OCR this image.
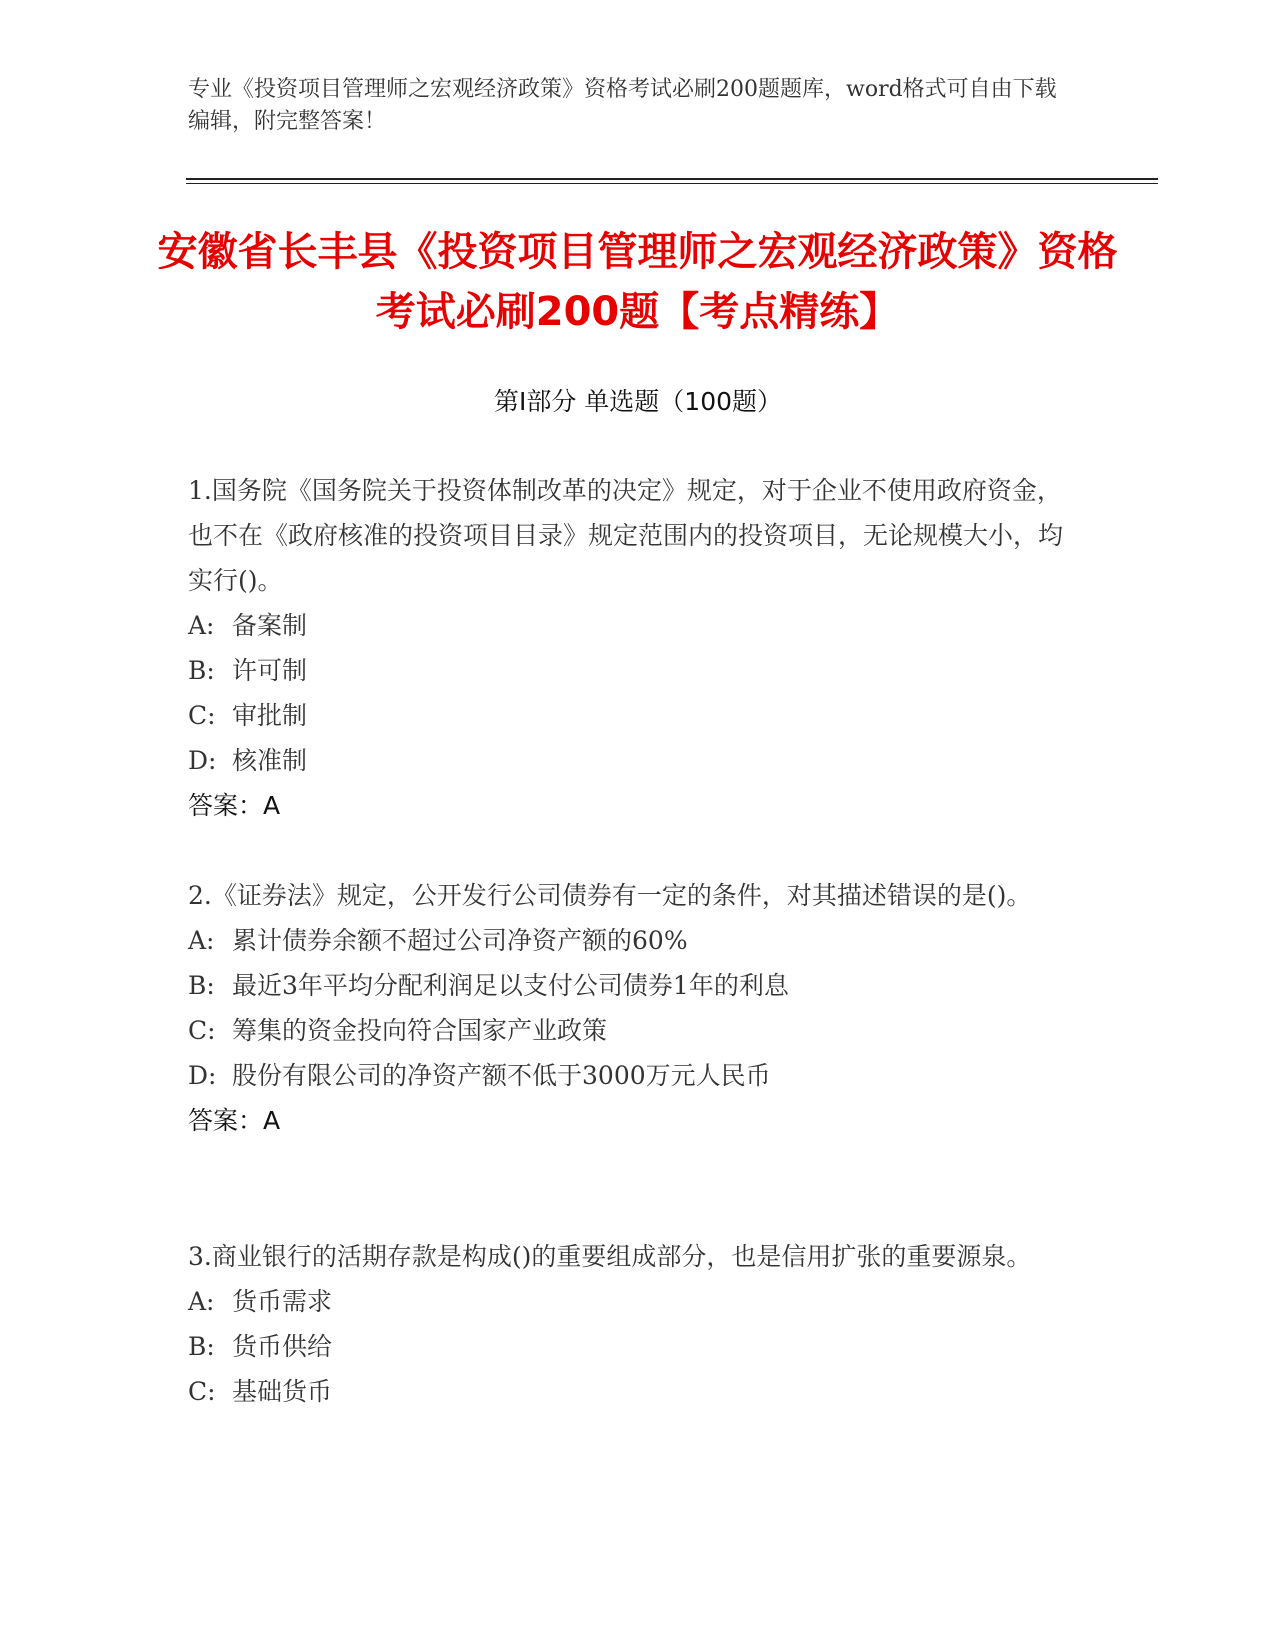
专业《投资项目管理师之宏观经济政策》资格考试必刷200题题库，word格式可自由下载编辑，附完整答案！
安徽省长丰县《投资项目管理师之宏观经济政策》资格考试必刷200题【考点精练】
第I部分 单选题（100题）

1.国务院《国务院关于投资体制改革的决定》规定，对于企业不使用政府资金，也不在《政府核准的投资项目目录》规定范围内的投资项目，无论规模大小，均实行()。

A: 备案制

B: 许可制

C: 审批制

D: 核准制

答案：A

2.《证券法》规定，公开发行公司债券有一定的条件，对其描述错误的是()。

A: 累计债券余额不超过公司净资产额的60%

B: 最近3年平均分配利润足以支付公司债券1年的利息

C: 筹集的资金投向符合国家产业政策

D: 股份有限公司的净资产额不低于3000万元人民币

答案：A

3.商业银行的活期存款是构成()的重要组成部分，也是信用扩张的重要源泉。

A: 货币需求

B: 货币供给

C: 基础货币
